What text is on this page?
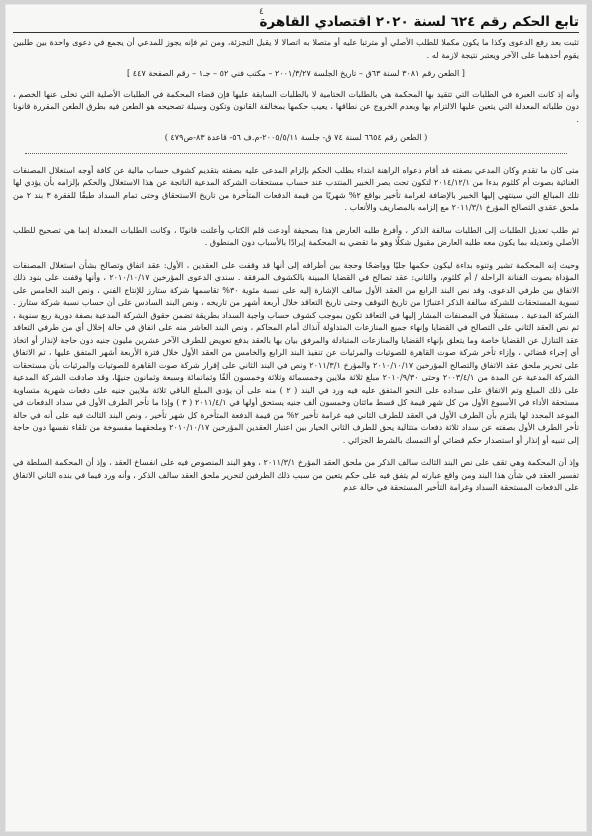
٤
تابع الحكم رقم ٦٢٤ لسنة ٢٠٢٠ اقتصادي القاهرة

تثبت بعد رفع الدعوى وكذا ما يكون مكملا للطلب الأصلي أو مترتبا عليه أو متصلا به اتصالا لا يقبل التجزئة، ومن ثم فإنه يجوز للمدعي أن يجمع في دعوى واحدة بين طلبين يقوم أحدهما على الآخر ويعتبر نتيجة لازمة له .

[ الطعن رقم ٣٠٨١ لسنة ٦٣ق – تاريخ الجلسة ٢٠٠١/٣/٢٧ – مكتب فني ٥٢ – جـ١ – رقم الصفحة ٤٤٧ ]

وأنه إذ كانت العبرة في الطلبات التي تتقيد بها المحكمة هي بالطلبات الختامية لا بالطلبات السابقة عليها فإن قضاء المحكمة في الطلبات الأصلية التي تخلى عنها الخصم ، دون طلباته المعدلة التي يتعين عليها الالتزام بها وبعدم الخروج عن نطاقها ، يعيب حكمها بمخالفة القانون وتكون وسيلة تصحيحه هو الطعن فيه بطرق الطعن المقررة قانونا .

( الطعن رقم ٦٦٥٤ لسنة ٧٤ ق- جلسة ٢٠٠٥/٥/١١-م.ف ٥٦- قاعدة ٨٣-ص٤٧٩ )

متى كان ما تقدم وكان المدعي بصفته قد أقام دعواه الراهنة ابتداء بطلب الحكم بإلزام المدعى عليه بصفته بتقديم كشوف حساب مالية عن كافة أوجه استغلال المصنفات الغنائية بصوت أم كلثوم بدءا من ٢٠١٤/١٢/١ لتكون تحت بصر الخبير المنتدب عند حساب مستحقات الشركة المدعية الناتجة عن هذا الاستغلال والحكم بإلزامه بأن يؤدي لها تلك المبالغ التي سينتهي إليها الخبير بالإضافة لغرامة تأخير بواقع ٢% شهريًا من قيمة الدفعات المتأخرة من تاريخ الاستحقاق وحتى تمام السداد طبقًا للفقرة ٣ بند ٢ من ملحق عقدي التصالح المؤرخ ٢٠١١/٣/١ مع إلزامه بالمصاريف والأتعاب .

ثم طلب تعديل الطلبات إلى الطلبات سالفة الذكر ، وأفرغ طلبه العارض هذا بصحيفة أودعت قلم الكتاب وأعلنت قانونًا ، وكانت الطلبات المعدلة إنما هي تصحيح للطلب الأصلي وتعديله بما يكون معه طلبه العارض مقبول شكلًا وهو ما تقضي به المحكمة إيرادًا بالأسباب دون المنطوق .

وحيث إنه المحكمة تشير وتنوه بداءة ليكون حكمها جليًا وواضحًا وحجة بين أطرافه إلى أنها قد وقفت على العقدين ، الأول: عقد اتفاق وتصالح بشأن استغلال المصنفات المؤداة بصوت الفنانة الراحلة / أم كلثوم، والثاني: عقد تصالح في القضايا المبينة بالكشوف المرفقة . سندي الدعوى المؤرخين ٢٠١٠/١٠/١٧ ، وأنها وقفت على بنود ذلك الاتفاق بين طرفي الدعوى، وقد نص البند الرابع من العقد الأول سالف الإشارة إليه على نسبة مئوية ٣٠% تقاسمها شركة ستارز للإنتاج الفني ، ونص البند الخامس على تسوية المستحقات للشركة سالفة الذكر اعتبارًا من تاريخ التوقف وحتى تاريخ التعاقد خلال أربعة أشهر من تاريخه ، ونص البند السادس على أن حساب نسبة شركة ستارز . الشركة المدعية . مستقبلًا في المصنفات المشار إليها في التعاقد تكون بموجب كشوف حساب واجبة السداد بطريقة تضمن حقوق الشركة المدعية بصفة دورية ربع سنوية ، ثم نص العقد الثاني على التصالح في القضايا وإنهاء جميع المنازعات المتداولة آنذاك أمام المحاكم ، ونص البند العاشر منه على اتفاق في حالة إخلال أي من طرفي التعاقد عقد التنازل عن القضايا خاصة وما يتعلق بإنهاء القضايا والمنازعات المتبادلة والمرفق بيان بها بالعقد بدفع تعويض للطرف الآخر عشرين مليون جنيه دون حاجة لإنذار أو اتخاذ أي إجراء قضائي ، وإزاء تأخر شركة صوت القاهرة للصوتيات والمرئيات عن تنفيذ البند الرابع والخامس من العقد الأول خلال فترة الأربعة أشهر المتفق عليها ، تم الاتفاق على تحرير ملحق عقد الاتفاق والتصالح المؤرخين ٢٠١٠/١٠/١٧ والمؤرخ ٢٠١١/٣/١ ونص في البند الثاني على إقرار شركة صوت القاهرة للصوتيات والمرئيات بأن مستحقات الشركة المدعية عن المدة من ٢٠٠٣/٤/١ وحتى ٢٠١٠/٩/٣٠ مبلغ ثلاثة ملايين وخمسمائة وثلاثة وخمسون ألفًا وثمانمائة وسبعة وثمانون جنيهًا، وقد صادقت الشركة المدعية على ذلك المبلغ وتم الاتفاق على سداده على النحو المتفق عليه فيه ورد في البند ( ٢ ) منه على أن يؤدي المبلغ الباقي ثلاثة ملايين جنيه على دفعات شهرية متساوية مستحقة الأداء في الأسبوع الأول من كل شهر قيمة كل قسط مائتان وخمسون ألف جنيه يستحق أولها في ٢٠١١/٤/١ ( ٣ ) وإذا ما تأخر الطرف الأول في سداد الدفعات في الموعد المحدد لها يلتزم بأن الطرف الأول في العقد للطرف الثاني فيه غرامة تأخير ٢% من قيمة الدفعة المتأخرة كل شهر تأخير ، ونص البند الثالث فيه على أنه في حالة تأخر الطرف الأول بصفته عن سداد ثلاثة دفعات متتالية يحق للطرف الثاني الخيار بين اعتبار العقدين المؤرخين ٢٠١٠/١٠/١٧ وملحقهما مفسوخة من تلقاء نفسها دون حاجة إلى تنبيه أو إنذار أو استصدار حكم قضائي أو التمسك بالشرط الجزائي .

وإذ أن المحكمة وهي تقف على نص البند الثالث سالف الذكر من ملحق العقد المؤرخ ٢٠١١/٣/١ ، وهو البند المنصوص فيه على انفساخ العقد ، وإذ أن المحكمة السلطة في تفسير العقد في شأن هذا البند ومن واقع عبارته لم يتفق فيه على حكم يتعين من سبب ذلك الطرفين لتحرير ملحق العقد سالف الذكر ، وأنه ورد فيما في بنده الثاني الاتفاق على الدفعات المستحقة السداد وغرامة التأخير المستحقة في حالة عدم
